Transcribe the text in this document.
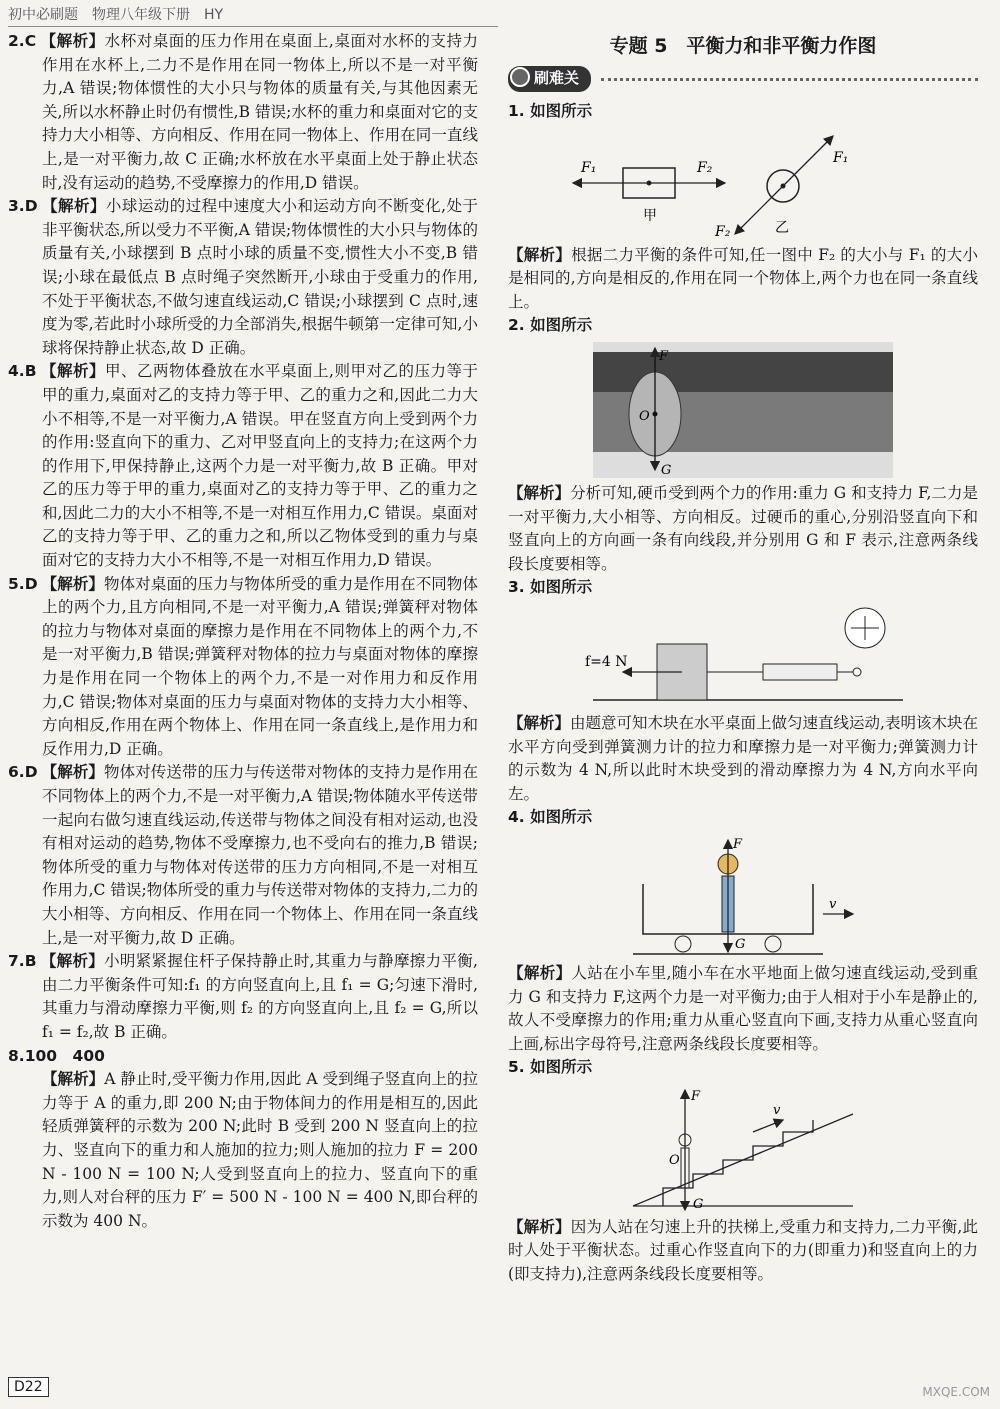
初中必刷题　物理八年级下册　HY
2.C 【解析】水杯对桌面的压力作用在桌面上,桌面对水杯的支持力作用在水杯上,二力不是作用在同一物体上,所以不是一对平衡力,A 错误;物体惯性的大小只与物体的质量有关,与其他因素无关,所以水杯静止时仍有惯性,B 错误;水杯的重力和桌面对它的支持力大小相等、方向相反、作用在同一物体上、作用在同一直线上,是一对平衡力,故 C 正确;水杯放在水平桌面上处于静止状态时,没有运动的趋势,不受摩擦力的作用,D 错误。
3.D 【解析】小球运动的过程中速度大小和运动方向不断变化,处于非平衡状态,所以受力不平衡,A 错误;物体惯性的大小只与物体的质量有关,小球摆到 B 点时小球的质量不变,惯性大小不变,B 错误;小球在最低点 B 点时绳子突然断开,小球由于受重力的作用,不处于平衡状态,不做匀速直线运动,C 错误;小球摆到 C 点时,速度为零,若此时小球所受的力全部消失,根据牛顿第一定律可知,小球将保持静止状态,故 D 正确。
4.B 【解析】甲、乙两物体叠放在水平桌面上,则甲对乙的压力等于甲的重力,桌面对乙的支持力等于甲、乙的重力之和,因此二力大小不相等,不是一对平衡力,A 错误。甲在竖直方向上受到两个力的作用:竖直向下的重力、乙对甲竖直向上的支持力;在这两个力的作用下,甲保持静止,这两个力是一对平衡力,故 B 正确。甲对乙的压力等于甲的重力,桌面对乙的支持力等于甲、乙的重力之和,因此二力的大小不相等,不是一对相互作用力,C 错误。桌面对乙的支持力等于甲、乙的重力之和,所以乙物体受到的重力与桌面对它的支持力大小不相等,不是一对相互作用力,D 错误。
5.D 【解析】物体对桌面的压力与物体所受的重力是作用在不同物体上的两个力,且方向相同,不是一对平衡力,A 错误;弹簧秤对物体的拉力与物体对桌面的摩擦力是作用在不同物体上的两个力,不是一对平衡力,B 错误;弹簧秤对物体的拉力与桌面对物体的摩擦力是作用在同一个物体上的两个力,不是一对作用力和反作用力,C 错误;物体对桌面的压力与桌面对物体的支持力大小相等、方向相反,作用在两个物体上、作用在同一条直线上,是作用力和反作用力,D 正确。
6.D 【解析】物体对传送带的压力与传送带对物体的支持力是作用在不同物体上的两个力,不是一对平衡力,A 错误;物体随水平传送带一起向右做匀速直线运动,传送带与物体之间没有相对运动,也没有相对运动的趋势,物体不受摩擦力,也不受向右的推力,B 错误;物体所受的重力与物体对传送带的压力方向相同,不是一对相互作用力,C 错误;物体所受的重力与传送带对物体的支持力,二力的大小相等、方向相反、作用在同一个物体上、作用在同一条直线上,是一对平衡力,故 D 正确。
7.B 【解析】小明紧紧握住杆子保持静止时,其重力与静摩擦力平衡,由二力平衡条件可知:f₁ 的方向竖直向上,且 f₁ = G;匀速下滑时,其重力与滑动摩擦力平衡,则 f₂ 的方向竖直向上,且 f₂ = G,所以 f₁ = f₂,故 B 正确。
8.100　400
【解析】A 静止时,受平衡力作用,因此 A 受到绳子竖直向上的拉力等于 A 的重力,即 200 N;由于物体间力的作用是相互的,因此轻质弹簧秤的示数为 200 N;此时 B 受到 200 N 竖直向上的拉力、竖直向下的重力和人施加的拉力;则人施加的拉力 F = 200 N - 100 N = 100 N;人受到竖直向上的拉力、竖直向下的重力,则人对台秤的压力 F′ = 500 N - 100 N = 400 N,即台秤的示数为 400 N。
专题 5　平衡力和非平衡力作图
刷难关
1. 如图所示
F₁	F₂
甲
F₁
F₂	乙
【解析】根据二力平衡的条件可知,任一图中 F₂ 的大小与 F₁ 的大小是相同的,方向是相反的,作用在同一个物体上,两个力也在同一条直线上。
2. 如图所示
F
O
G
【解析】分析可知,硬币受到两个力的作用:重力 G 和支持力 F,二力是一对平衡力,大小相等、方向相反。过硬币的重心,分别沿竖直向下和竖直向上的方向画一条有向线段,并分别用 G 和 F 表示,注意两条线段长度要相等。
3. 如图所示
f=4 N
【解析】由题意可知木块在水平桌面上做匀速直线运动,表明该木块在水平方向受到弹簧测力计的拉力和摩擦力是一对平衡力;弹簧测力计的示数为 4 N,所以此时木块受到的滑动摩擦力为 4 N,方向水平向左。
4. 如图所示
F
G
v
【解析】人站在小车里,随小车在水平地面上做匀速直线运动,受到重力 G 和支持力 F,这两个力是一对平衡力;由于人相对于小车是静止的,故人不受摩擦力的作用;重力从重心竖直向下画,支持力从重心竖直向上画,标出字母符号,注意两条线段长度要相等。
5. 如图所示
F
O
G
v
【解析】因为人站在匀速上升的扶梯上,受重力和支持力,二力平衡,此时人处于平衡状态。过重心作竖直向下的力(即重力)和竖直向上的力(即支持力),注意两条线段长度要相等。
D22	MXQE.COM
